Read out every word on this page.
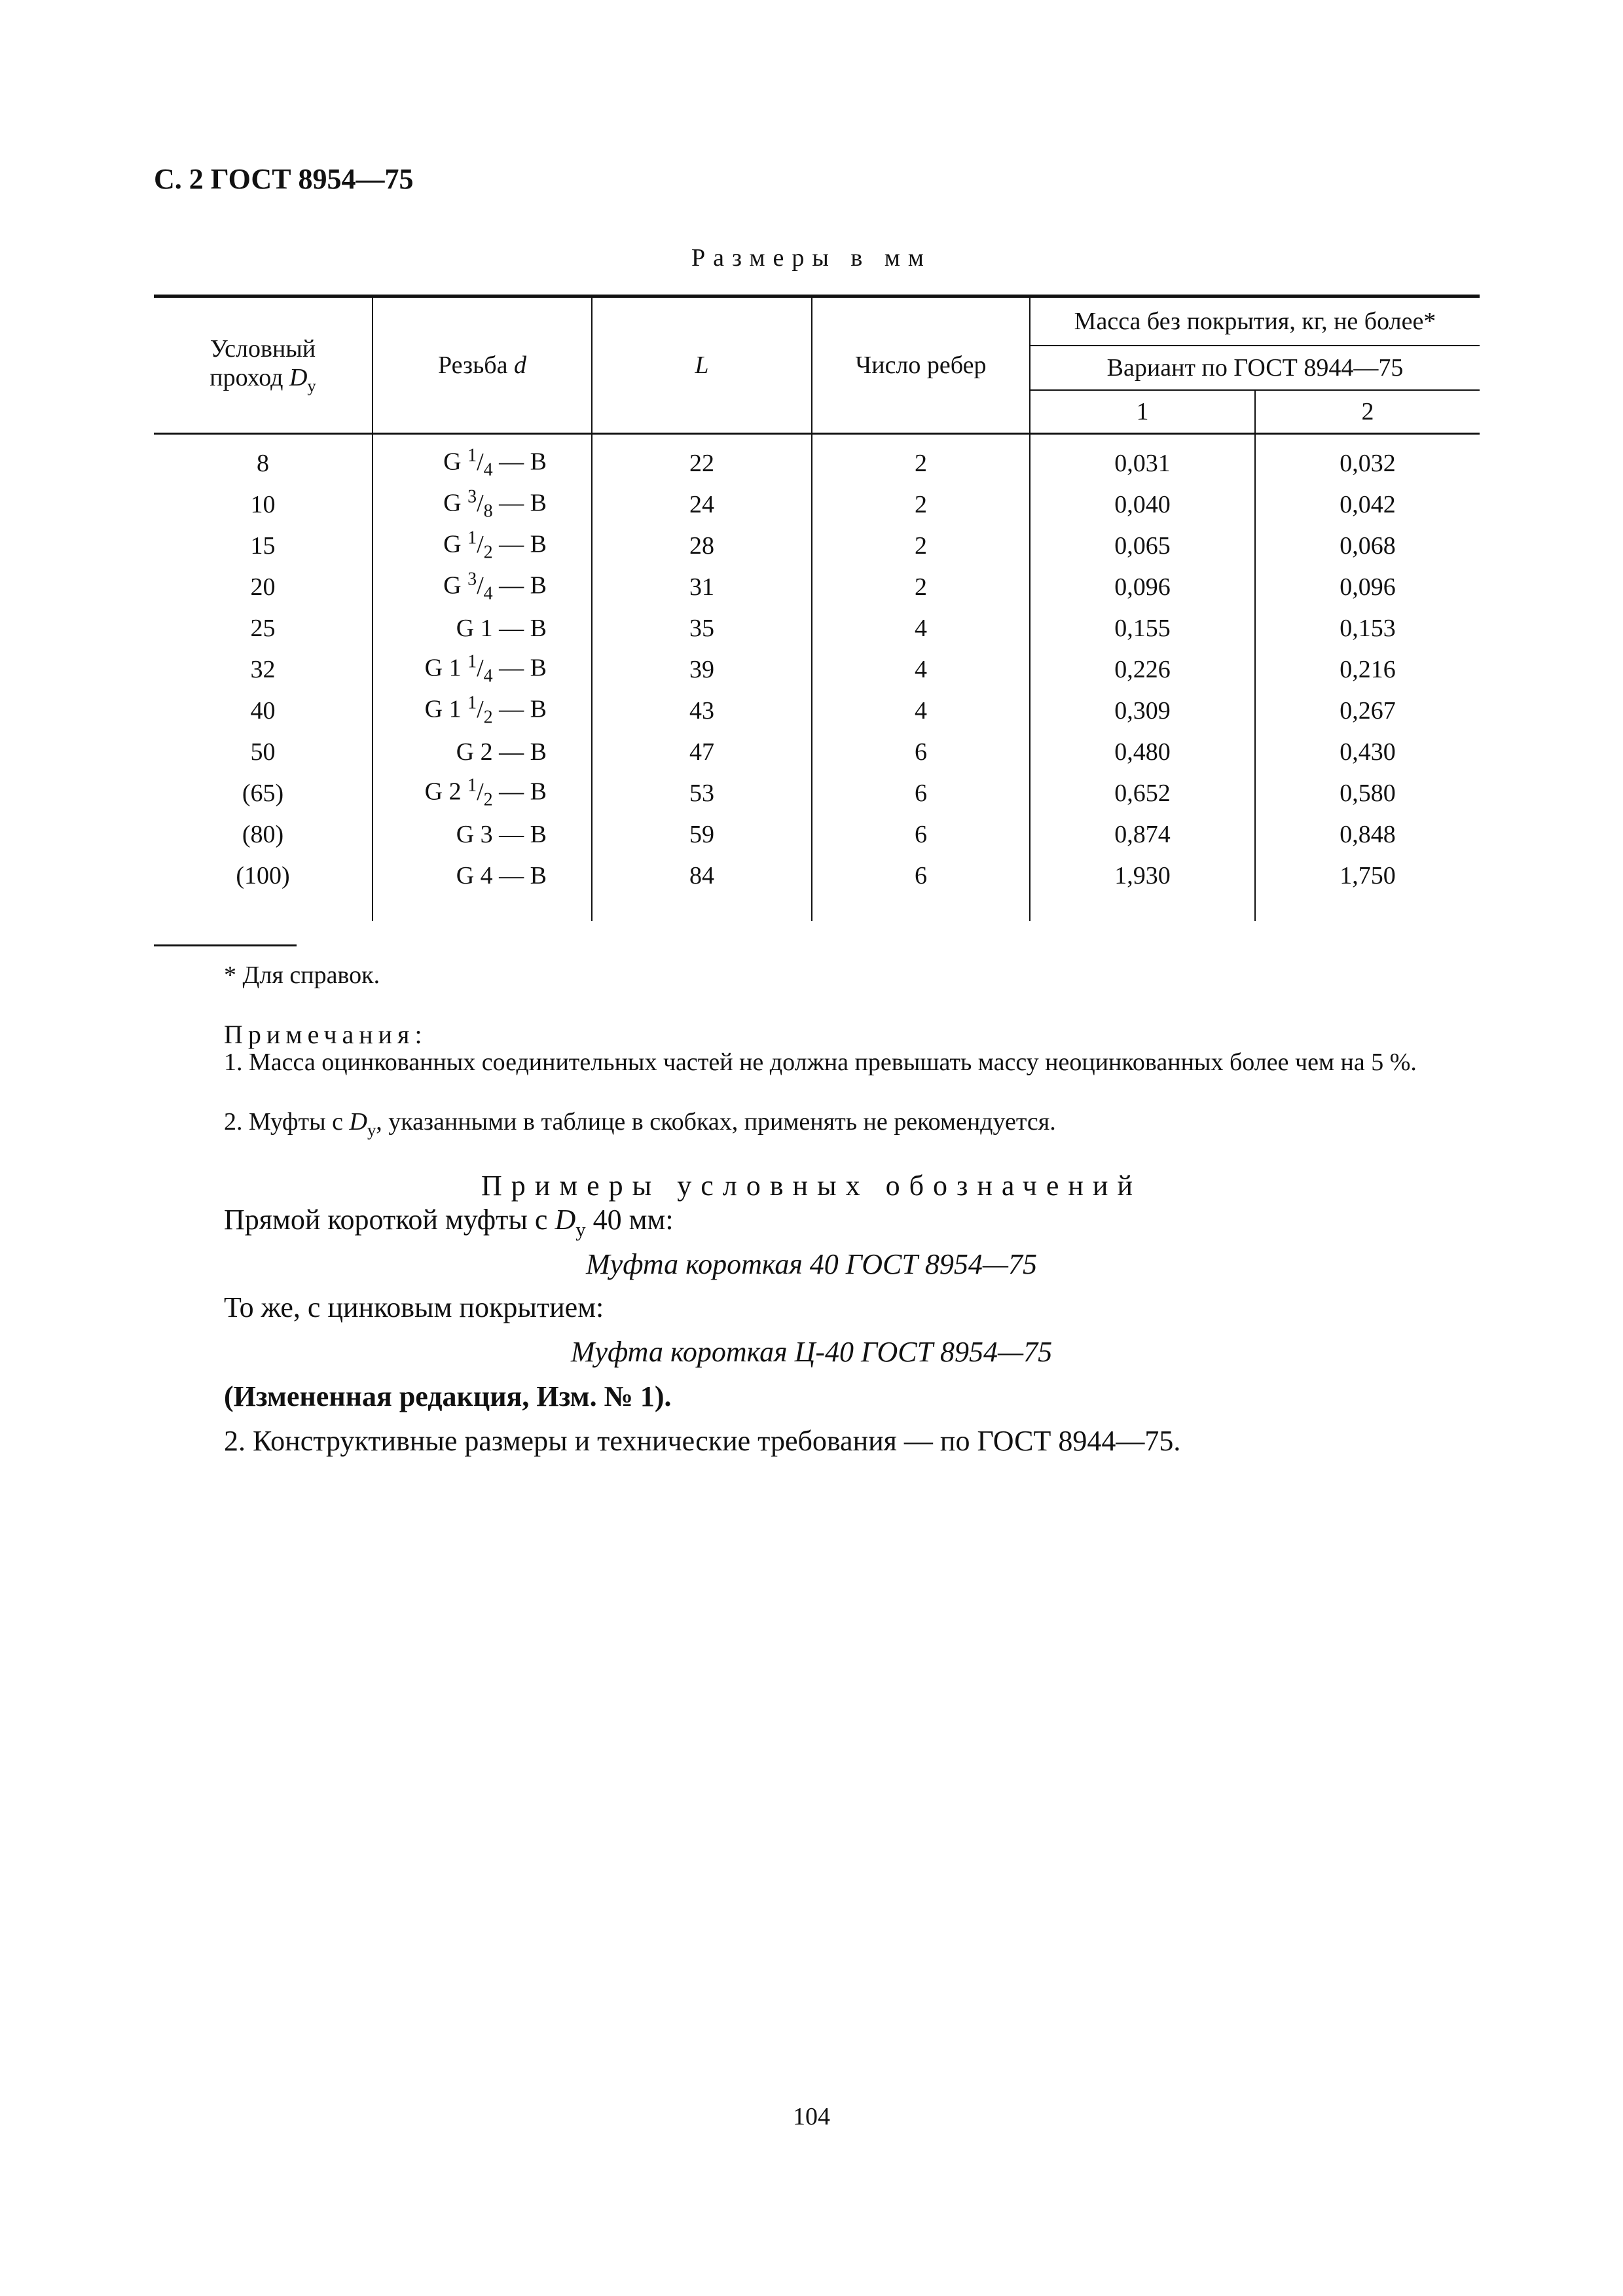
С. 2 ГОСТ 8954—75
Размеры в мм
Условный
проход $D_y$	Резьба d	L	Число ребер	Масса без покрытия, кг, не более*	
				Вариант по ГОСТ 8944—75	
				1	2
8	G $^1/_4$ — B	22	2	0,031	0,032
10	G $^3/_8$ — B	24	2	0,040	0,042
15	G $^1/_2$ — B	28	2	0,065	0,068
20	G $^3/_4$ — B	31	2	0,096	0,096
25	G 1 — B	35	4	0,155	0,153
32	G 1 $^1/_4$ — B	39	4	0,226	0,216
40	G 1 $^1/_2$ — B	43	4	0,309	0,267
50	G 2 — B	47	6	0,480	0,430
(65)	G 2 $^1/_2$ — B	53	6	0,652	0,580
(80)	G 3 — B	59	6	0,874	0,848
(100)	G 4 — B	84	6	1,930	1,750

* Для справок.
Примечания:
1. Масса оцинкованных соединительных частей не должна превышать массу неоцинкованных более чем на 5 %.
2. Муфты с $D_y$, указанными в таблице в скобках, применять не рекомендуется.
Примеры условных обозначений
Прямой короткой муфты с $D_y$ 40 мм:
Муфта короткая 40 ГОСТ 8954—75
То же, с цинковым покрытием:
Муфта короткая Ц-40 ГОСТ 8954—75
(Измененная редакция, Изм. № 1).
2. Конструктивные размеры и технические требования — по ГОСТ 8944—75.
104
